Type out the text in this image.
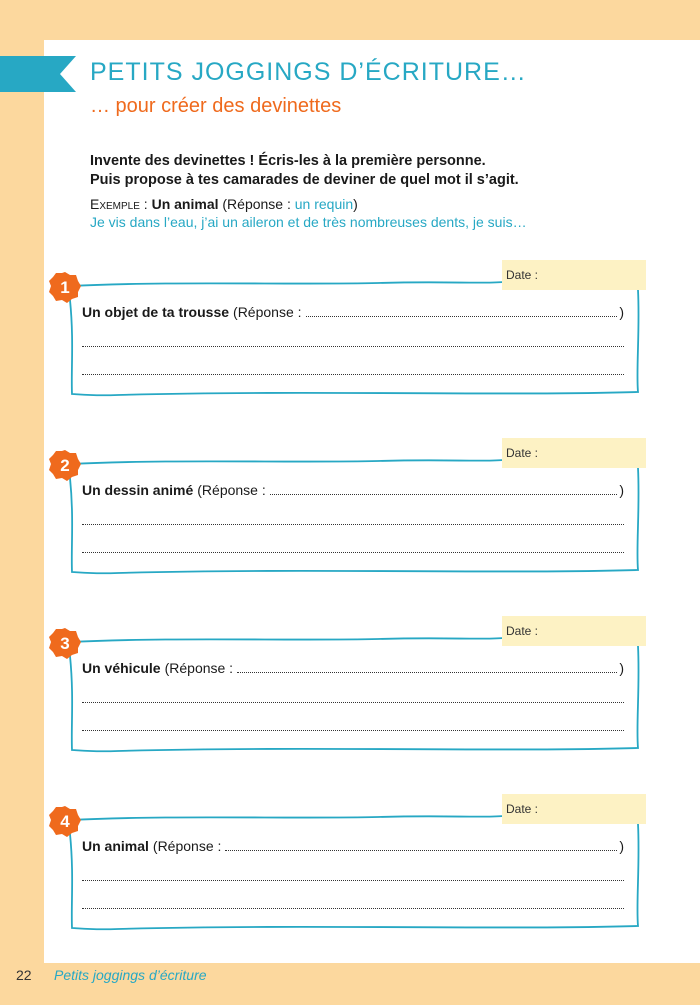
PETITS JOGGINGS D’ÉCRITURE…
… pour créer des devinettes
Invente des devinettes ! Écris-les à la première personne.
Puis propose à tes camarades de deviner de quel mot il s’agit.
Exemple : Un animal (Réponse : un requin)
Je vis dans l’eau, j’ai un aileron et de très nombreuses dents, je suis…
1
Date :
Un objet de ta trousse (Réponse :	)
2
Date :
Un dessin animé (Réponse :	)
3
Date :
Un véhicule (Réponse :	)
4
Date :
Un animal (Réponse :	)
22 Petits joggings d’écriture
